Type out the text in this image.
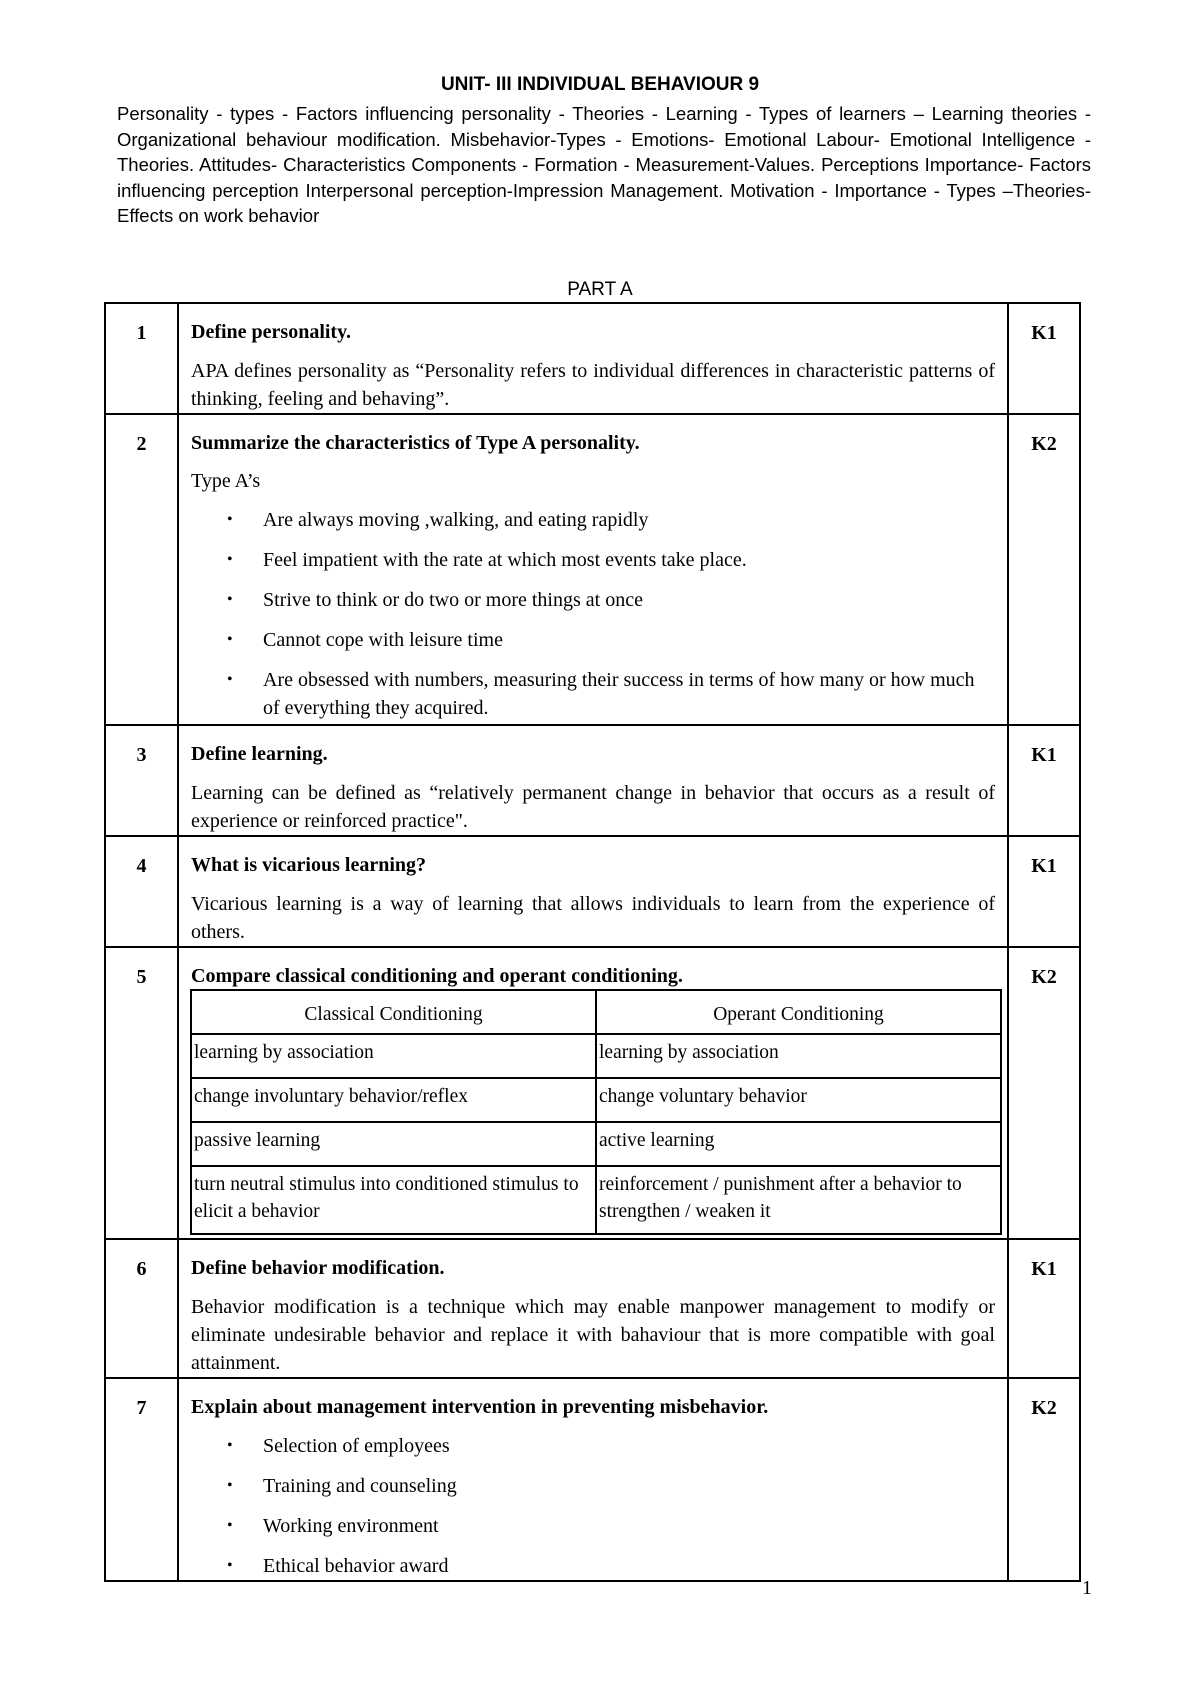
UNIT- III INDIVIDUAL BEHAVIOUR 9
Personality - types - Factors influencing personality - Theories - Learning - Types of learners – Learning theories - Organizational behaviour modification. Misbehavior-Types - Emotions- Emotional Labour- Emotional Intelligence -Theories. Attitudes- Characteristics Components - Formation - Measurement-Values. Perceptions Importance- Factors influencing perception Interpersonal perception-Impression Management. Motivation - Importance - Types –Theories- Effects on work behavior
PART A
1	Define personality.

APA defines personality as “Personality refers to individual differences in characteristic patterns of thinking, feeling and behaving”.

	K1
2	Summarize the characteristics of Type A personality.
Type A’s
• Are always moving ,walking, and eating rapidly
• Feel impatient with the rate at which most events take place.
• Strive to think or do two or more things at once
• Cannot cope with leisure time
• Are obsessed with numbers, measuring their success in terms of how many or how much of everything they acquired.
	K2
3	Define learning.

Learning can be defined as “relatively permanent change in behavior that occurs as a result of experience or reinforced practice".

	K1
4	What is vicarious learning?

Vicarious learning is a way of learning that allows individuals to learn from the experience of others.

	K1
5	Compare classical conditioning and operant conditioning.
Classical Conditioning	Operant Conditioning
learning by association	learning by association
change involuntary behavior/reflex	change voluntary behavior
passive learning	active learning
turn neutral stimulus into conditioned stimulus to elicit a behavior	reinforcement / punishment after a behavior to strengthen / weaken it
	K2
6	Define behavior modification.

Behavior modification is a technique which may enable manpower management to modify or eliminate undesirable behavior and replace it with bahaviour that is more compatible with goal attainment.

	K1
7	Explain about management intervention in preventing misbehavior.
• Selection of employees
• Training and counseling
• Working environment
• Ethical behavior award
	K2
1
